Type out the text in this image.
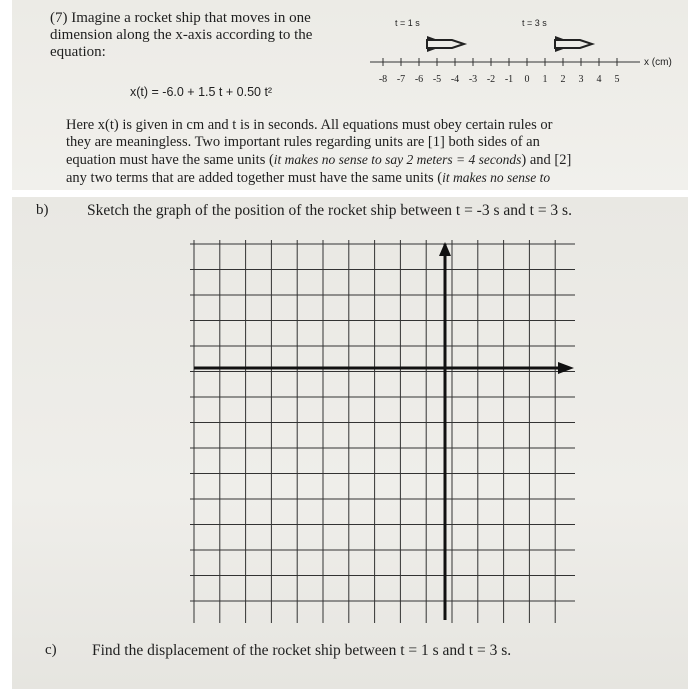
(7) Imagine a rocket ship that moves in one
dimension along the x-axis according to the
equation:
x(t) = -6.0 + 1.5 t + 0.50 t²
t = 1 s	t = 3 s
x (cm)
-8 -7 -6 -5 -4 -3 -2 -1 0 1 2 3 4 5
Here x(t) is given in cm and t is in seconds. All equations must obey certain rules or
they are meaningless. Two important rules regarding units are [1] both sides of an
equation must have the same units (it makes no sense to say 2 meters = 4 seconds) and [2]
any two terms that are added together must have the same units (it makes no sense to
b) Sketch the graph of the position of the rocket ship between t = -3 s and t = 3 s.
c) Find the displacement of the rocket ship between t = 1 s and t = 3 s.
